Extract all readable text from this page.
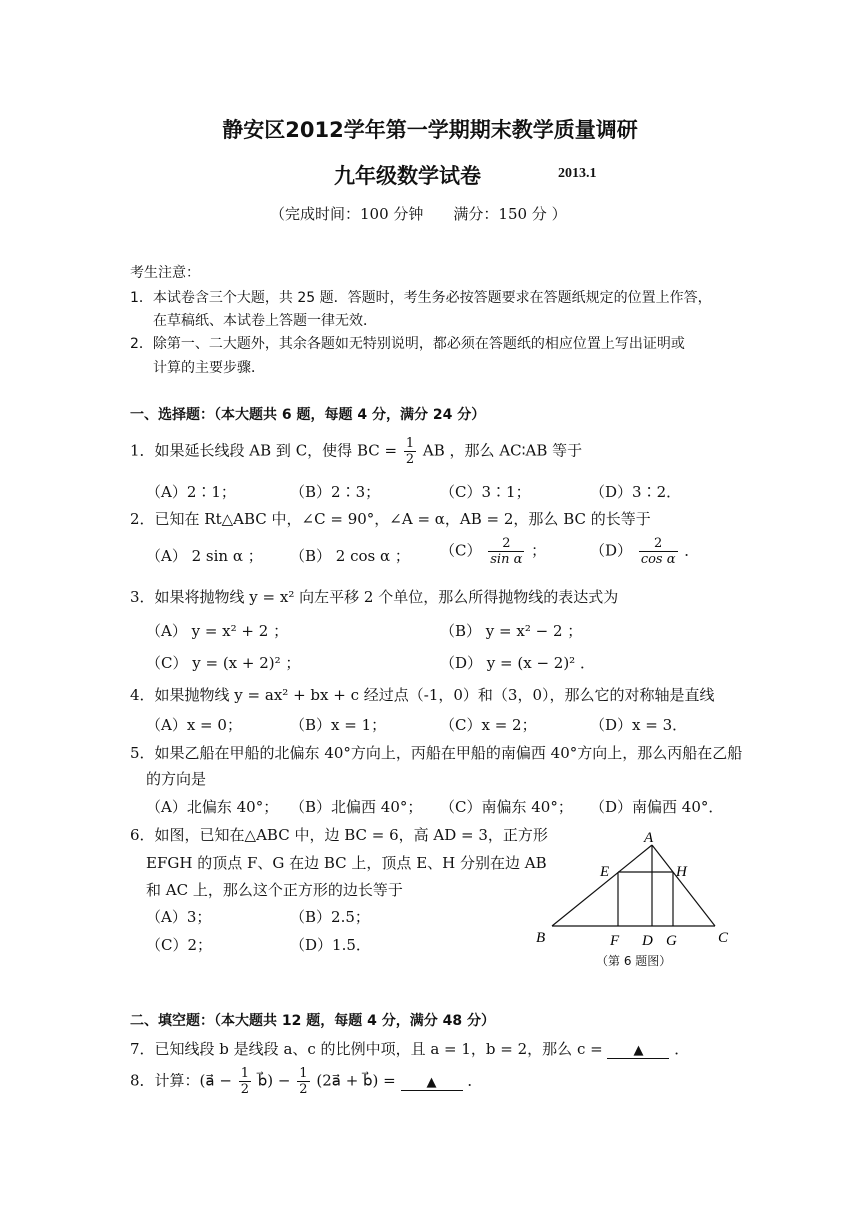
静安区2012学年第一学期期末教学质量调研
九年级数学试卷	2013.1
（完成时间：100 分钟　　满分：150 分 ）
考生注意：
1．本试卷含三个大题，共 25 题．答题时，考生务必按答题要求在答题纸规定的位置上作答，
在草稿纸、本试卷上答题一律无效．
2．除第一、二大题外，其余各题如无特别说明，都必须在答题纸的相应位置上写出证明或
计算的主要步骤．
一、选择题：（本大题共 6 题，每题 4 分，满分 24 分）
1．如果延长线段 AB 到 C，使得 BC = $\frac{1}{2}$ AB ，那么 AC∶AB 等于
（A）2∶1；	（B）2∶3；	（C）3∶1；	（D）3∶2．
2．已知在 Rt△ABC 中，∠C = 90°，∠A = α，AB = 2，那么 BC 的长等于
（A） 2 sin α ； （B） 2 cos α ； $(C) \frac{2}{\text{sin α}}$ ；	$(D) \frac{2}{\text{cos α}}$ ．
3．如果将抛物线 y = x² 向左平移 2 个单位，那么所得抛物线的表达式为
（A） y = x² + 2 ；	（B） y = x² − 2 ；
（C） y = (x + 2)² ；	（D） y = (x − 2)² ．
4．如果抛物线 y = ax² + bx + c 经过点（-1，0）和（3，0），那么它的对称轴是直线
（A）x = 0；	（B）x = 1；	（C）x = 2；	（D）x = 3．
5．如果乙船在甲船的北偏东 40°方向上，丙船在甲船的南偏西 40°方向上，那么丙船在乙船
的方向是
（A）北偏东 40°； （B）北偏西 40°； （C）南偏东 40°； （D）南偏西 40°．
6．如图，已知在△ABC 中，边 BC = 6，高 AD = 3，正方形
EFGH 的顶点 F、G 在边 BC 上，顶点 E、H 分别在边 AB
和 AC 上，那么这个正方形的边长等于
（A）3；	（B）2.5；
（C）2；	（D）1.5．
A
E	H
B	F D G	C
（第 6 题图）
二、填空题：（本大题共 12 题，每题 4 分，满分 48 分）
7．已知线段 b 是线段 a、c 的比例中项，且 a = 1，b = 2，那么 c = ▲ ．
8．计算：(a⃗ − $\frac{1}{2}$ b⃗) − $\frac{1}{2}$ (2a⃗ + b⃗) = ▲ ．
